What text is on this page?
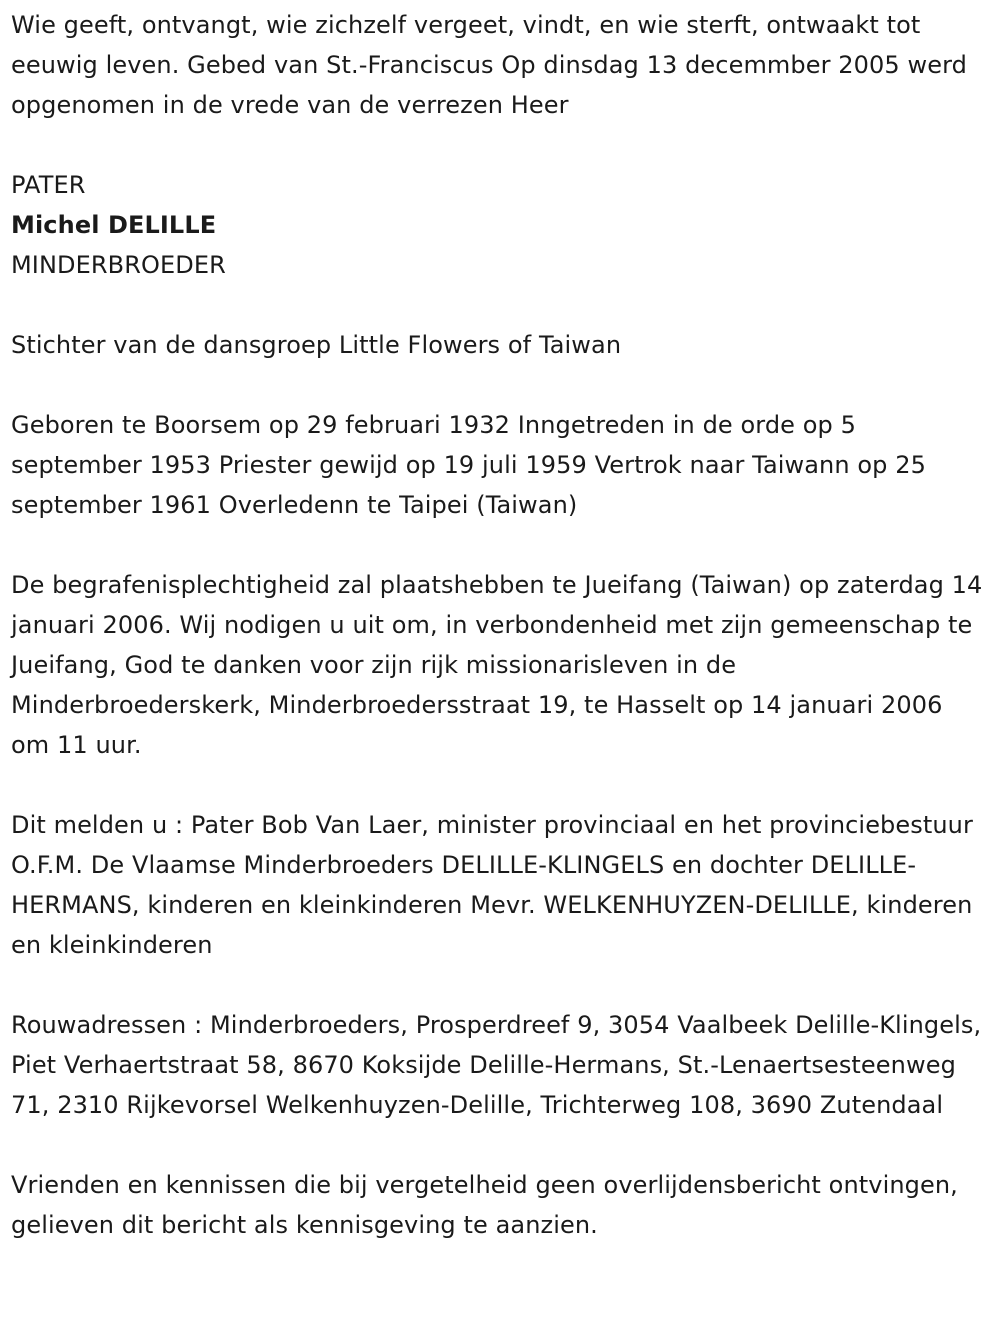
Wie geeft, ontvangt, wie zichzelf vergeet, vindt, en wie sterft, ontwaakt tot eeuwig leven. Gebed van St.-Franciscus Op dinsdag 13 decemmber 2005 werd opgenomen in de vrede van de verrezen Heer

PATER

Michel DELILLE

MINDERBROEDER

Stichter van de dansgroep Little Flowers of Taiwan

Geboren te Boorsem op 29 februari 1932 Inngetreden in de orde op 5 september 1953 Priester gewijd op 19 juli 1959 Vertrok naar Taiwann op 25 september 1961 Overledenn te Taipei (Taiwan)

De begrafenisplechtigheid zal plaatshebben te Jueifang (Taiwan) op zaterdag 14 januari 2006. Wij nodigen u uit om, in verbondenheid met zijn gemeenschap te Jueifang, God te danken voor zijn rijk missionarisleven in de Minderbroederskerk, Minderbroedersstraat 19, te Hasselt op 14 januari 2006 om 11 uur.

Dit melden u : Pater Bob Van Laer, minister provinciaal en het provinciebestuur O.F.M. De Vlaamse Minderbroeders DELILLE-KLINGELS en dochter DELILLE-HERMANS, kinderen en kleinkinderen Mevr. WELKENHUYZEN-DELILLE, kinderen en kleinkinderen

Rouwadressen : Minderbroeders, Prosperdreef 9, 3054 Vaalbeek Delille-Klingels, Piet Verhaertstraat 58, 8670 Koksijde Delille-Hermans, St.-Lenaertsesteenweg 71, 2310 Rijkevorsel Welkenhuyzen-Delille, Trichterweg 108, 3690 Zutendaal

Vrienden en kennissen die bij vergetelheid geen overlijdensbericht ontvingen, gelieven dit bericht als kennisgeving te aanzien.
